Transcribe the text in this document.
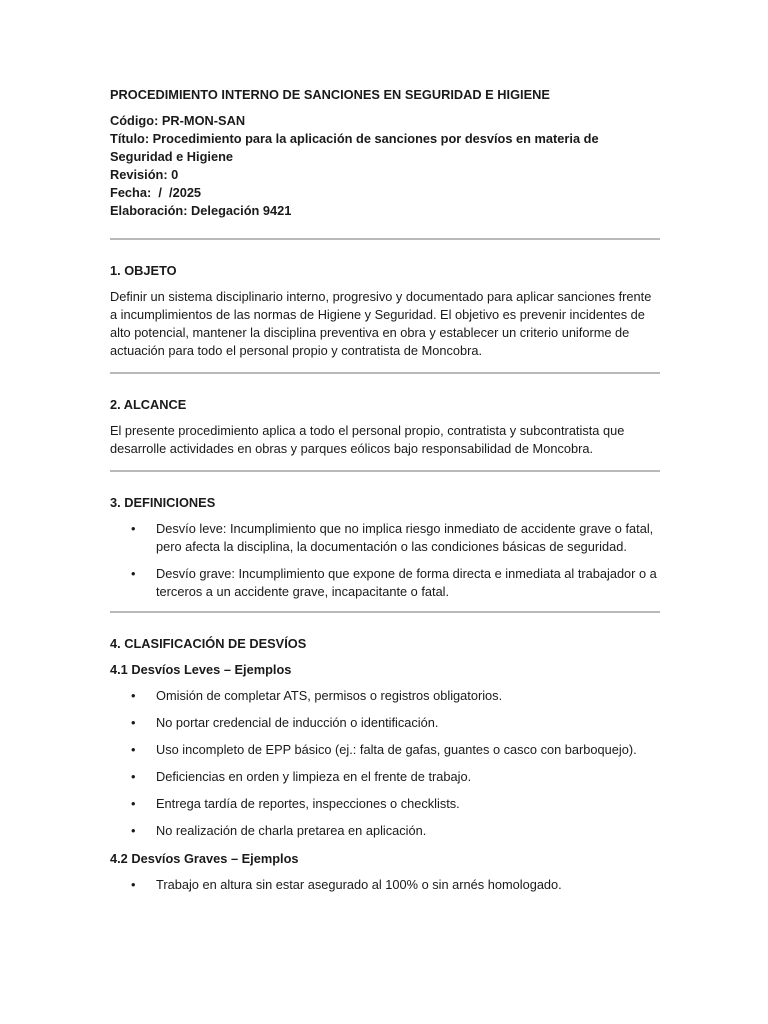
PROCEDIMIENTO INTERNO DE SANCIONES EN SEGURIDAD E HIGIENE
Código: PR-MON-SAN
Título: Procedimiento para la aplicación de sanciones por desvíos en materia de Seguridad e Higiene
Revisión: 0
Fecha:  /  /2025
Elaboración: Delegación 9421
1. OBJETO

Definir un sistema disciplinario interno, progresivo y documentado para aplicar sanciones frente a incumplimientos de las normas de Higiene y Seguridad. El objetivo es prevenir incidentes de alto potencial, mantener la disciplina preventiva en obra y establecer un criterio uniforme de actuación para todo el personal propio y contratista de Moncobra.

2. ALCANCE

El presente procedimiento aplica a todo el personal propio, contratista y subcontratista que desarrolle actividades en obras y parques eólicos bajo responsabilidad de Moncobra.

3. DEFINICIONES
• Desvío leve: Incumplimiento que no implica riesgo inmediato de accidente grave o fatal, pero afecta la disciplina, la documentación o las condiciones básicas de seguridad.
• Desvío grave: Incumplimiento que expone de forma directa e inmediata al trabajador o a terceros a un accidente grave, incapacitante o fatal.
4. CLASIFICACIÓN DE DESVÍOS
4.1 Desvíos Leves – Ejemplos
• Omisión de completar ATS, permisos o registros obligatorios.
• No portar credencial de inducción o identificación.
• Uso incompleto de EPP básico (ej.: falta de gafas, guantes o casco con barboquejo).
• Deficiencias en orden y limpieza en el frente de trabajo.
• Entrega tardía de reportes, inspecciones o checklists.
• No realización de charla pretarea en aplicación.
4.2 Desvíos Graves – Ejemplos
• Trabajo en altura sin estar asegurado al 100% o sin arnés homologado.
